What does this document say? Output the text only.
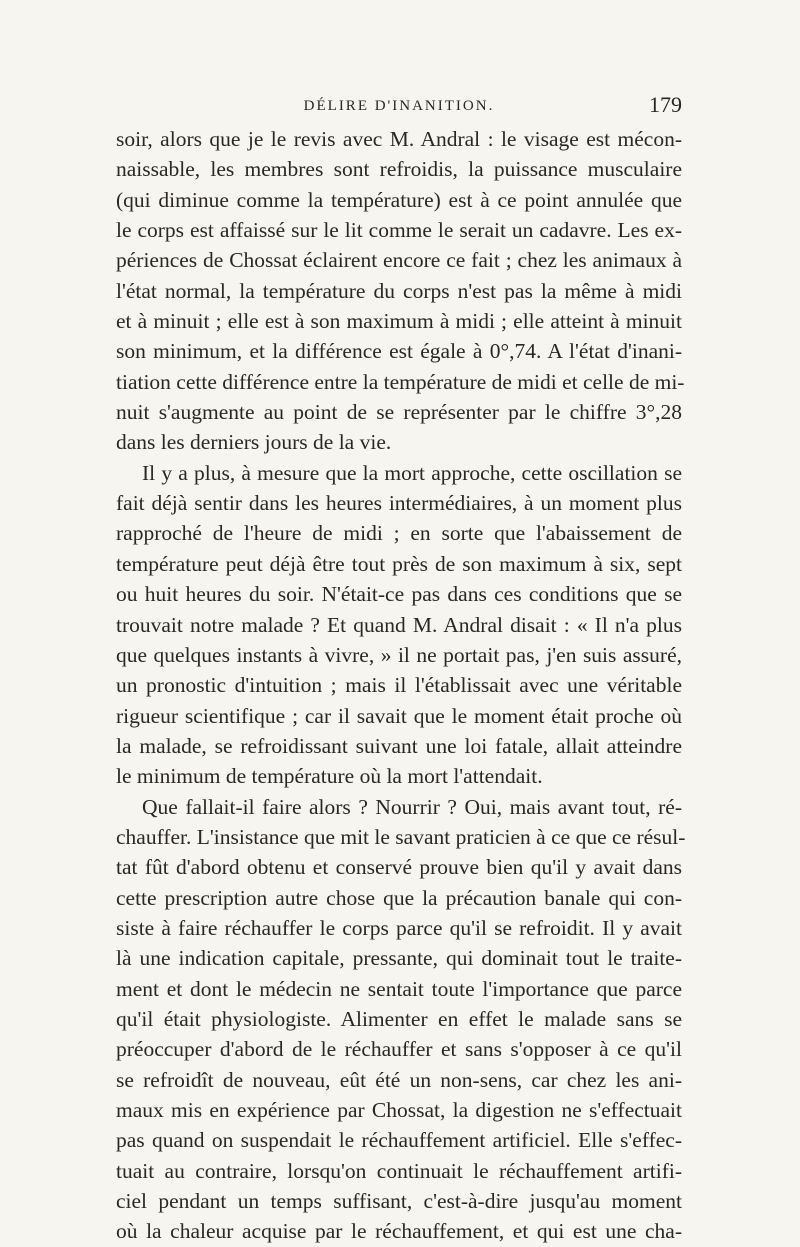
DÉLIRE D'INANITION.	179
soir, alors que je le revis avec M. Andral : le visage est mécon-
naissable, les membres sont refroidis, la puissance musculaire
(qui diminue comme la température) est à ce point annulée que
le corps est affaissé sur le lit comme le serait un cadavre. Les ex-
périences de Chossat éclairent encore ce fait ; chez les animaux à
l'état normal, la température du corps n'est pas la même à midi
et à minuit ; elle est à son maximum à midi ; elle atteint à minuit
son minimum, et la différence est égale à 0°,74. A l'état d'inani-
tiation cette différence entre la température de midi et celle de mi-
nuit s'augmente au point de se représenter par le chiffre 3°,28
dans les derniers jours de la vie.
Il y a plus, à mesure que la mort approche, cette oscillation se
fait déjà sentir dans les heures intermédiaires, à un moment plus
rapproché de l'heure de midi ; en sorte que l'abaissement de
température peut déjà être tout près de son maximum à six, sept
ou huit heures du soir. N'était-ce pas dans ces conditions que se
trouvait notre malade ? Et quand M. Andral disait : « Il n'a plus
que quelques instants à vivre, » il ne portait pas, j'en suis assuré,
un pronostic d'intuition ; mais il l'établissait avec une véritable
rigueur scientifique ; car il savait que le moment était proche où
la malade, se refroidissant suivant une loi fatale, allait atteindre
le minimum de température où la mort l'attendait.
Que fallait-il faire alors ? Nourrir ? Oui, mais avant tout, ré-
chauffer. L'insistance que mit le savant praticien à ce que ce résul-
tat fût d'abord obtenu et conservé prouve bien qu'il y avait dans
cette prescription autre chose que la précaution banale qui con-
siste à faire réchauffer le corps parce qu'il se refroidit. Il y avait
là une indication capitale, pressante, qui dominait tout le traite-
ment et dont le médecin ne sentait toute l'importance que parce
qu'il était physiologiste. Alimenter en effet le malade sans se
préoccuper d'abord de le réchauffer et sans s'opposer à ce qu'il
se refroidît de nouveau, eût été un non-sens, car chez les ani-
maux mis en expérience par Chossat, la digestion ne s'effectuait
pas quand on suspendait le réchauffement artificiel. Elle s'effec-
tuait au contraire, lorsqu'on continuait le réchauffement artifi-
ciel pendant un temps suffisant, c'est-à-dire jusqu'au moment
où la chaleur acquise par le réchauffement, et qui est une cha-
